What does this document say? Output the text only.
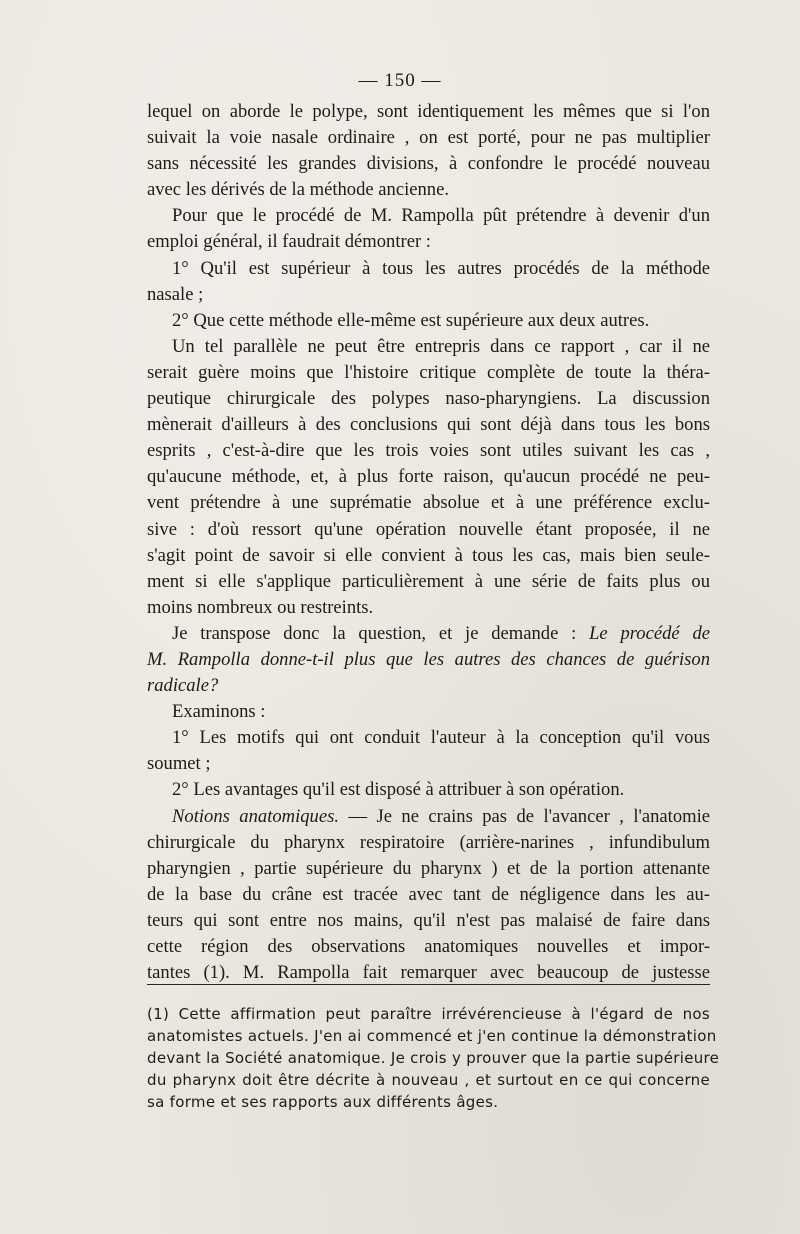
— 150 —
lequel on aborde le polype, sont identiquement les mêmes que si l'on
suivait la voie nasale ordinaire , on est porté, pour ne pas multiplier
sans nécessité les grandes divisions, à confondre le procédé nouveau
avec les dérivés de la méthode ancienne.
Pour que le procédé de M. Rampolla pût prétendre à devenir d'un
emploi général, il faudrait démontrer :
1° Qu'il est supérieur à tous les autres procédés de la méthode
nasale ;
2° Que cette méthode elle-même est supérieure aux deux autres.
Un tel parallèle ne peut être entrepris dans ce rapport , car il ne
serait guère moins que l'histoire critique complète de toute la théra-
peutique chirurgicale des polypes naso-pharyngiens. La discussion
mènerait d'ailleurs à des conclusions qui sont déjà dans tous les bons
esprits , c'est-à-dire que les trois voies sont utiles suivant les cas ,
qu'aucune méthode, et, à plus forte raison, qu'aucun procédé ne peu-
vent prétendre à une suprématie absolue et à une préférence exclu-
sive : d'où ressort qu'une opération nouvelle étant proposée, il ne
s'agit point de savoir si elle convient à tous les cas, mais bien seule-
ment si elle s'applique particulièrement à une série de faits plus ou
moins nombreux ou restreints.
Je transpose donc la question, et je demande : Le procédé de
M. Rampolla donne-t-il plus que les autres des chances de guérison
radicale?
Examinons :
1° Les motifs qui ont conduit l'auteur à la conception qu'il vous
soumet ;
2° Les avantages qu'il est disposé à attribuer à son opération.
Notions anatomiques. — Je ne crains pas de l'avancer , l'anatomie
chirurgicale du pharynx respiratoire (arrière-narines , infundibulum
pharyngien , partie supérieure du pharynx ) et de la portion attenante
de la base du crâne est tracée avec tant de négligence dans les au-
teurs qui sont entre nos mains, qu'il n'est pas malaisé de faire dans
cette région des observations anatomiques nouvelles et impor-
tantes (1). M. Rampolla fait remarquer avec beaucoup de justesse
(1) Cette affirmation peut paraître irrévérencieuse à l'égard de nos
anatomistes actuels. J'en ai commencé et j'en continue la démonstration
devant la Société anatomique. Je crois y prouver que la partie supérieure
du pharynx doit être décrite à nouveau , et surtout en ce qui concerne
sa forme et ses rapports aux différents âges.
